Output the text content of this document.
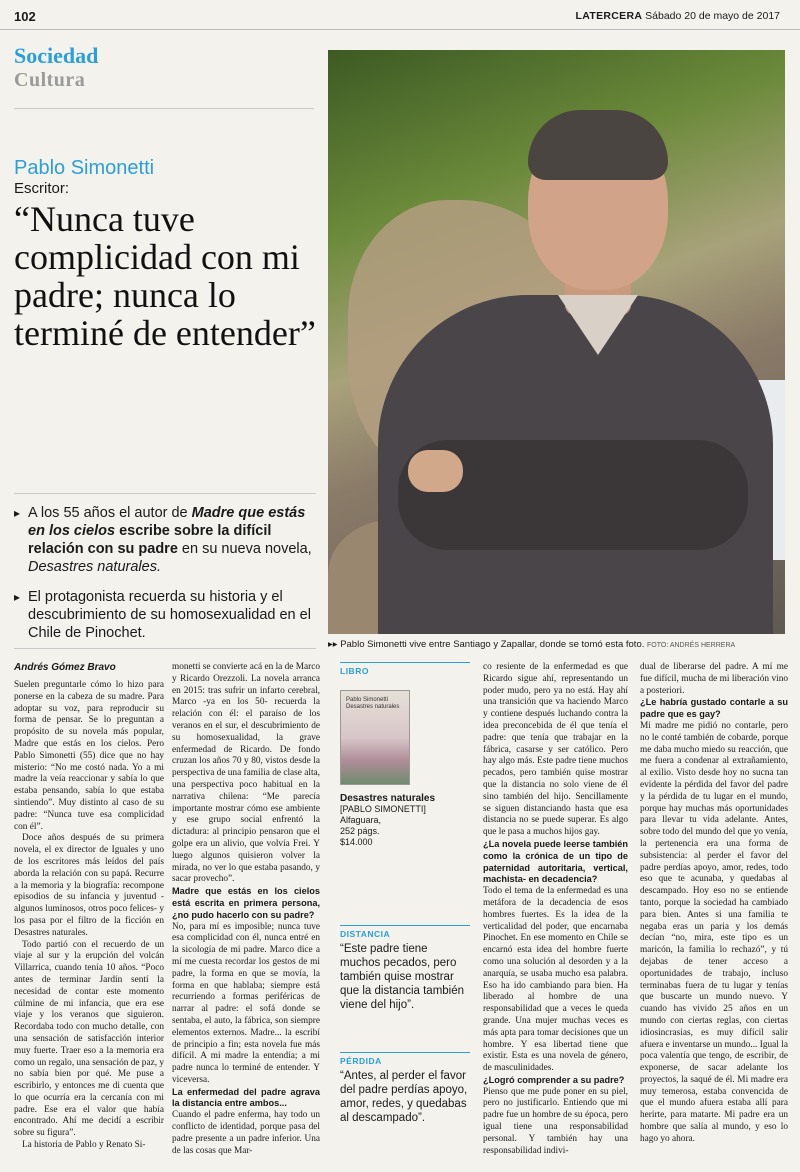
102	LATERCERA Sábado 20 de mayo de 2017
Sociedad
Cultura
Pablo Simonetti
Escritor:
“Nunca tuve complicidad con mi padre; nunca lo terminé de entender”
▸▸ Pablo Simonetti vive entre Santiago y Zapallar, donde se tomó esta foto. FOTO: ANDRÉS HERRERA
▸ A los 55 años el autor de Madre que estás en los cielos escribe sobre la difícil relación con su padre en su nueva novela, Desastres naturales.
▸ El protagonista recuerda su historia y el descubrimiento de su homosexualidad en el Chile de Pinochet.
Andrés Gómez Bravo

Suelen preguntarle cómo lo hizo para ponerse en la cabeza de su madre. Para adoptar su voz, para reproducir su forma de pensar. Se lo preguntan a propósito de su novela más popular, Madre que estás en los cielos. Pero Pablo Simonetti (55) dice que no hay misterio: “No me costó nada. Yo a mi madre la veía reaccionar y sabía lo que estaba pensando, sabía lo que estaba sintiendo”. Muy distinto al caso de su padre: “Nunca tuve esa complicidad con él”.

Doce años después de su primera novela, el ex director de Iguales y uno de los escritores más leídos del país aborda la relación con su papá. Recurre a la memoria y la biografía: recompone episodios de su infancia y juventud -algunos luminosos, otros poco felices- y los pasa por el filtro de la ficción en Desastres naturales.

Todo partió con el recuerdo de un viaje al sur y la erupción del volcán Villarrica, cuando tenía 10 años. “Poco antes de terminar Jardín sentí la necesidad de contar este momento cúlmine de mi infancia, que era ese viaje y los veranos que siguieron. Recordaba todo con mucho detalle, con una sensación de satisfacción interior muy fuerte. Traer eso a la memoria era como un regalo, una sensación de paz, y no sabía bien por qué. Me puse a escribirlo, y entonces me di cuenta que lo que ocurría era la cercanía con mi padre. Ese era el valor que había encontrado. Ahí me decidí a escribir sobre su figura”.

La historia de Pablo y Renato Si-

monetti se convierte acá en la de Marco y Ricardo Orezzoli. La novela arranca en 2015: tras sufrir un infarto cerebral, Marco -ya en los 50- recuerda la relación con él: el paraíso de los veranos en el sur, el descubrimiento de su homosexualidad, la grave enfermedad de Ricardo. De fondo cruzan los años 70 y 80, vistos desde la perspectiva de una familia de clase alta, una perspectiva poco habitual en la narrativa chilena: “Me parecía importante mostrar cómo ese ambiente y ese grupo social enfrentó la dictadura: al principio pensaron que el golpe era un alivio, que volvía Frei. Y luego algunos quisieron volver la mirada, no ver lo que estaba pasando, y sacar provecho”.

Madre que estás en los cielos está escrita en primera persona, ¿no pudo hacerlo con su padre?

No, para mí es imposible; nunca tuve esa complicidad con él, nunca entré en la sicología de mi padre. Marco dice a mí me cuesta recordar los gestos de mi padre, la forma en que se movía, la forma en que hablaba; siempre está recurriendo a formas periféricas de narrar al padre: el sofá donde se sentaba, el auto, la fábrica, son siempre elementos externos. Madre... la escribí de principio a fin; esta novela fue más difícil. A mi madre la entendía; a mi padre nunca lo terminé de entender. Y viceversa.

La enfermedad del padre agrava la distancia entre ambos...

Cuando el padre enferma, hay todo un conflicto de identidad, porque pasa del padre presente a un padre inferior. Una de las cosas que Mar-

LIBRO
Pablo Simonetti
Desastres naturales
Desastres naturales
[PABLO SIMONETTI]
Alfaguara,
252 págs.
$14.000
DISTANCIA
“Este padre tiene muchos pecados, pero también quise mostrar que la distancia también viene del hijo”.
PÉRDIDA
“Antes, al perder el favor del padre perdías apoyo, amor, redes, y quedabas al descampado”.

co resiente de la enfermedad es que Ricardo sigue ahí, representando un poder mudo, pero ya no está. Hay ahí una transición que va haciendo Marco y contiene después luchando contra la idea preconcebida de él que tenía el padre: que tenía que trabajar en la fábrica, casarse y ser católico. Pero hay algo más. Este padre tiene muchos pecados, pero también quise mostrar que la distancia no solo viene de él sino también del hijo. Sencillamente se siguen distanciando hasta que esa distancia no se puede superar. Es algo que le pasa a muchos hijos gay.

¿La novela puede leerse también como la crónica de un tipo de paternidad autoritaria, vertical, machista- en decadencia?

Todo el tema de la enfermedad es una metáfora de la decadencia de esos hombres fuertes. Es la idea de la verticalidad del poder, que encarnaba Pinochet. En ese momento en Chile se encarnó esta idea del hombre fuerte como una solución al desorden y a la anarquía, se usaba mucho esa palabra. Eso ha ido cambiando para bien. Ha liberado al hombre de una responsabilidad que a veces le queda grande. Una mujer muchas veces es más apta para tomar decisiones que un hombre. Y esa libertad tiene que existir. Esta es una novela de género, de masculinidades.

¿Logró comprender a su padre?

Pienso que me pude poner en su piel, pero no justificarlo. Entiendo que mi padre fue un hombre de su época, pero igual tiene una responsabilidad personal. Y también hay una responsabilidad indivi-

dual de liberarse del padre. A mí me fue difícil, mucha de mi liberación vino a posteriori.

¿Le habría gustado contarle a su padre que es gay?

Mi madre me pidió no contarle, pero no le conté también de cobarde, porque me daba mucho miedo su reacción, que me fuera a condenar al extrañamiento, al exilio. Visto desde hoy no sucna tan evidente la pérdida del favor del padre y la pérdida de tu lugar en el mundo, porque hay muchas más oportunidades para llevar tu vida adelante. Antes, sobre todo del mundo del que yo venía, la pertenencia era una forma de subsistencia: al perder el favor del padre perdías apoyo, amor, redes, todo eso que te acunaba, y quedabas al descampado. Hoy eso no se entiende tanto, porque la sociedad ha cambiado para bien. Antes si una familia te negaba eras un paria y los demás decían “no, mira, este tipo es un maricón, la familia lo rechazó”, y tú dejabas de tener acceso a oportunidades de trabajo, incluso terminabas fuera de tu lugar y tenías que buscarte un mundo nuevo. Y cuando has vivido 25 años en un mundo con ciertas reglas, con ciertas idiosincrasias, es muy difícil salir afuera e inventarse un mundo... Igual la poca valentía que tengo, de escribir, de exponerse, de sacar adelante los proyectos, la saqué de él. Mi madre era muy temerosa, estaba convencida de que el mundo afuera estaba allí para herirte, para matarte. Mi padre era un hombre que salía al mundo, y eso lo hago yo ahora.
